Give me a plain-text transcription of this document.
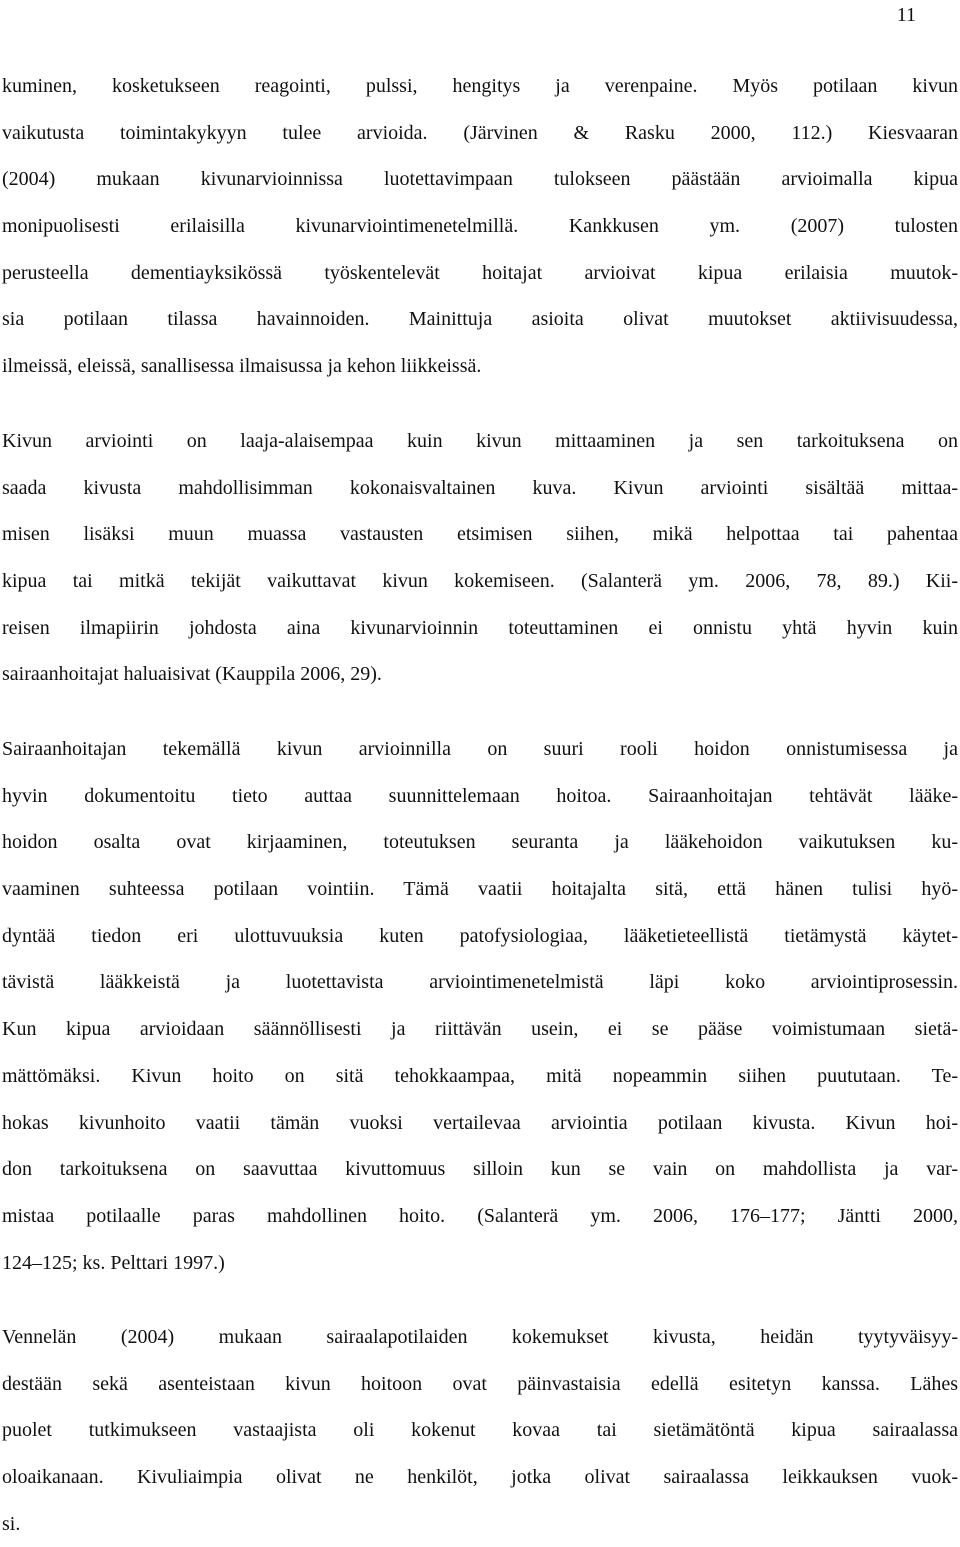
11
kuminen, kosketukseen reagointi, pulssi, hengitys ja verenpaine. Myös potilaan kivun
vaikutusta toimintakykyyn tulee arvioida. (Järvinen & Rasku 2000, 112.) Kiesvaaran
(2004) mukaan kivunarvioinnissa luotettavimpaan tulokseen päästään arvioimalla kipua
monipuolisesti erilaisilla kivunarviointimenetelmillä. Kankkusen ym. (2007) tulosten
perusteella dementiayksikössä työskentelevät hoitajat arvioivat kipua erilaisia muutok-
sia potilaan tilassa havainnoiden. Mainittuja asioita olivat muutokset aktiivisuudessa,
ilmeissä, eleissä, sanallisessa ilmaisussa ja kehon liikkeissä.
Kivun arviointi on laaja-alaisempaa kuin kivun mittaaminen ja sen tarkoituksena on
saada kivusta mahdollisimman kokonaisvaltainen kuva. Kivun arviointi sisältää mittaa-
misen lisäksi muun muassa vastausten etsimisen siihen, mikä helpottaa tai pahentaa
kipua tai mitkä tekijät vaikuttavat kivun kokemiseen. (Salanterä ym. 2006, 78, 89.) Kii-
reisen ilmapiirin johdosta aina kivunarvioinnin toteuttaminen ei onnistu yhtä hyvin kuin
sairaanhoitajat haluaisivat (Kauppila 2006, 29).
Sairaanhoitajan tekemällä kivun arvioinnilla on suuri rooli hoidon onnistumisessa ja
hyvin dokumentoitu tieto auttaa suunnittelemaan hoitoa. Sairaanhoitajan tehtävät lääke-
hoidon osalta ovat kirjaaminen, toteutuksen seuranta ja lääkehoidon vaikutuksen ku-
vaaminen suhteessa potilaan vointiin. Tämä vaatii hoitajalta sitä, että hänen tulisi hyö-
dyntää tiedon eri ulottuvuuksia kuten patofysiologiaa, lääketieteellistä tietämystä käytet-
tävistä lääkkeistä ja luotettavista arviointimenetelmistä läpi koko arviointiprosessin.
Kun kipua arvioidaan säännöllisesti ja riittävän usein, ei se pääse voimistumaan sietä-
mättömäksi. Kivun hoito on sitä tehokkaampaa, mitä nopeammin siihen puututaan. Te-
hokas kivunhoito vaatii tämän vuoksi vertailevaa arviointia potilaan kivusta. Kivun hoi-
don tarkoituksena on saavuttaa kivuttomuus silloin kun se vain on mahdollista ja var-
mistaa potilaalle paras mahdollinen hoito. (Salanterä ym. 2006, 176–177; Jäntti 2000,
124–125; ks. Pelttari 1997.)
Vennelän (2004) mukaan sairaalapotilaiden kokemukset kivusta, heidän tyytyväisyy-
destään sekä asenteistaan kivun hoitoon ovat päinvastaisia edellä esitetyn kanssa. Lähes
puolet tutkimukseen vastaajista oli kokenut kovaa tai sietämätöntä kipua sairaalassa
oloaikanaan. Kivuliaimpia olivat ne henkilöt, jotka olivat sairaalassa leikkauksen vuok-
si.
